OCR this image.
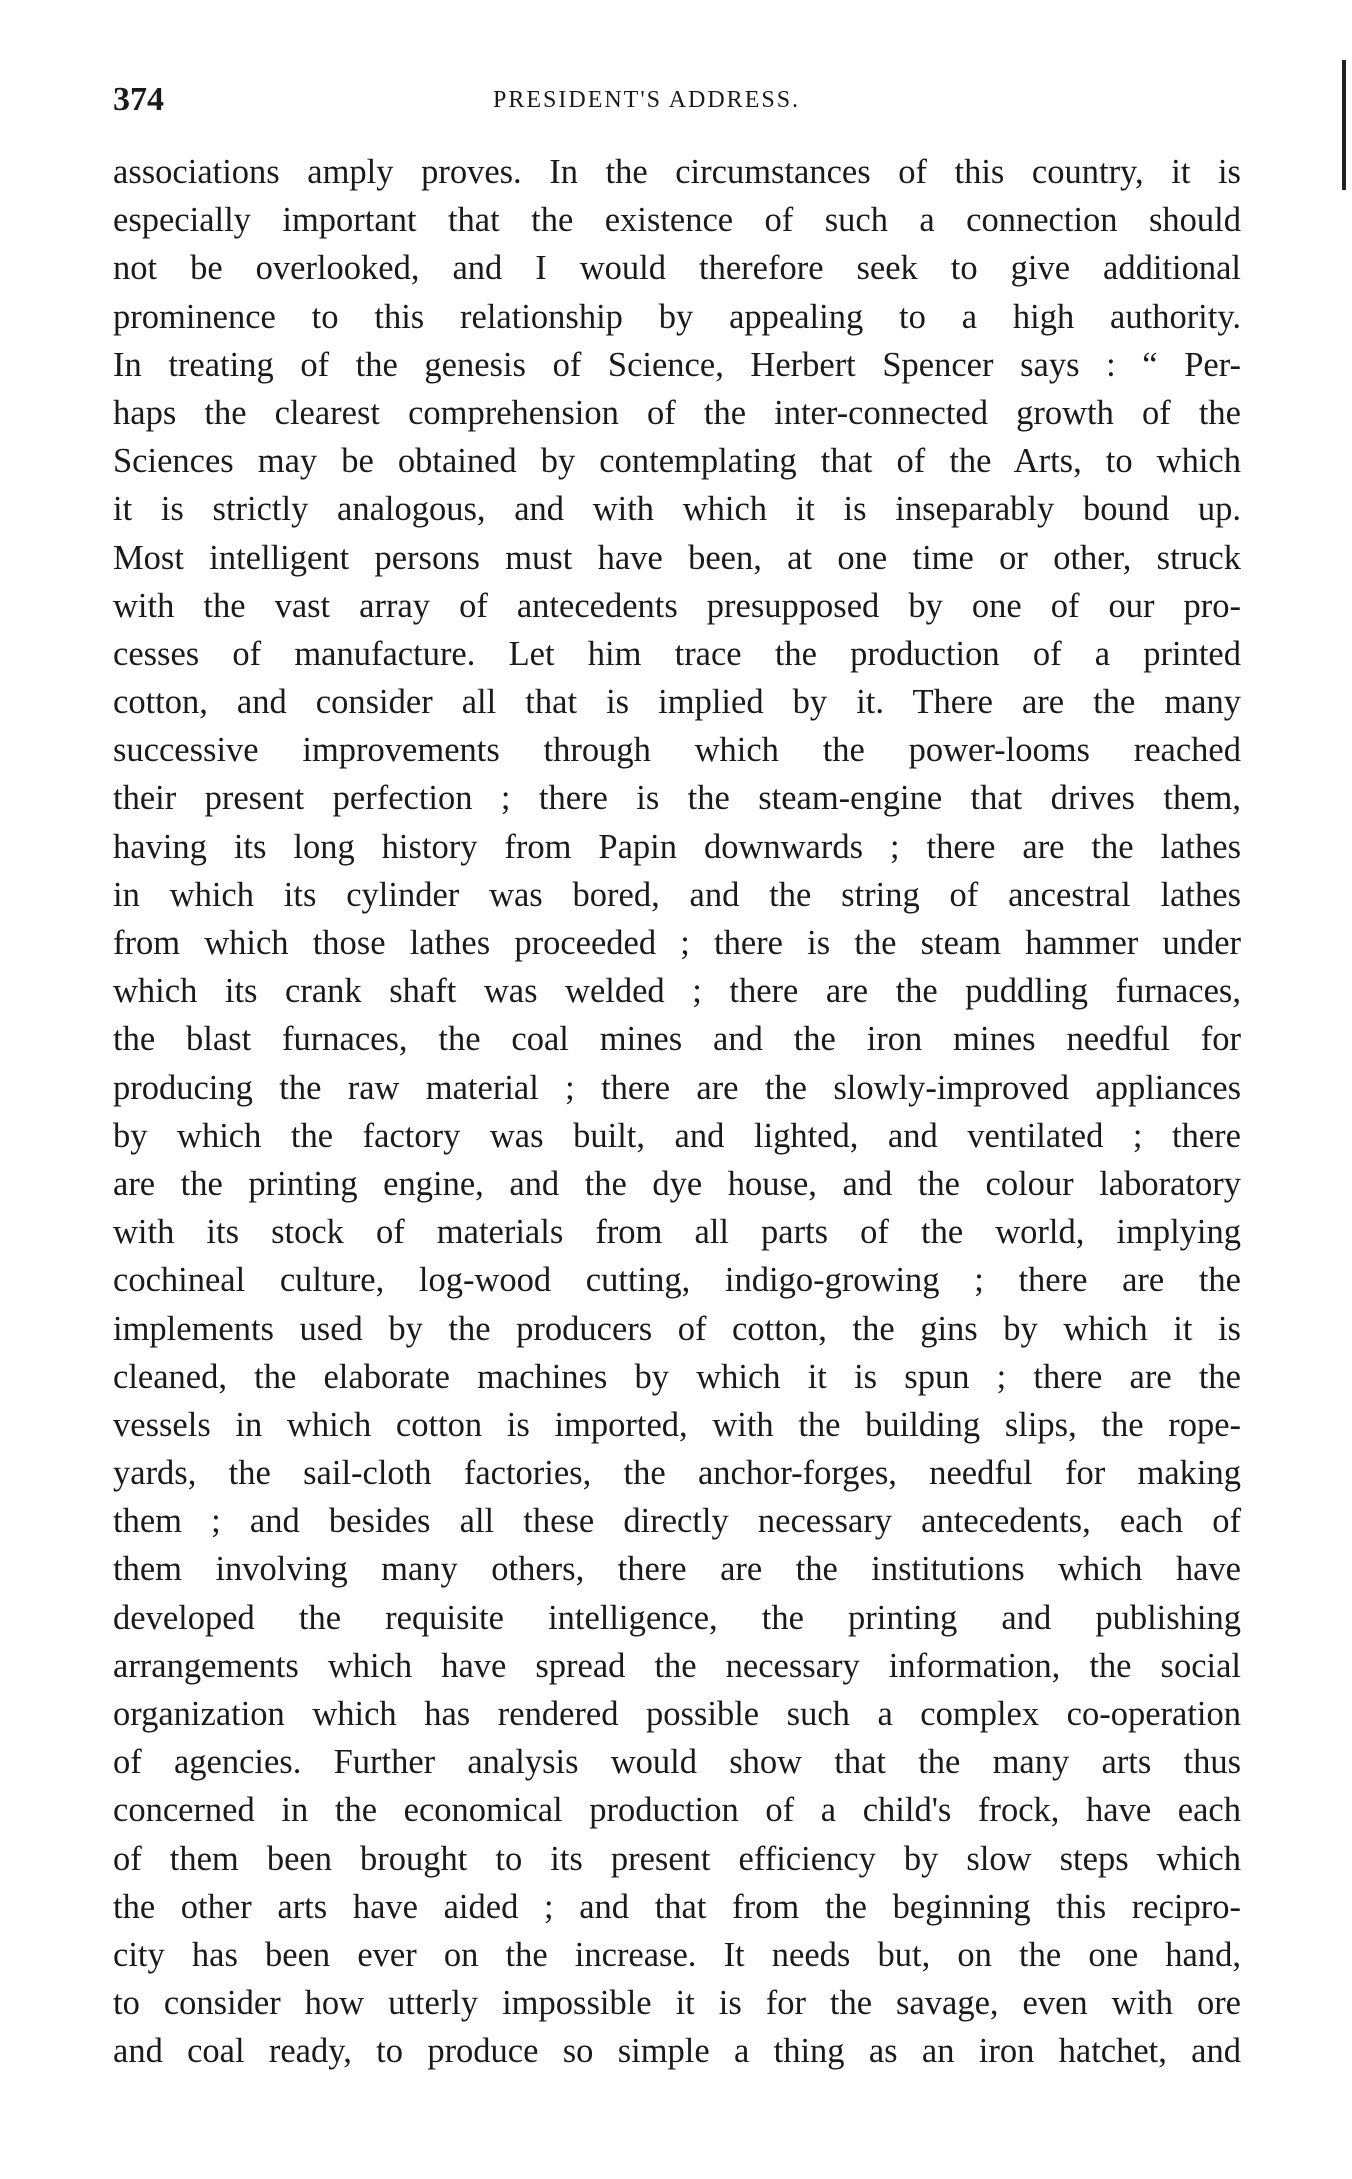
374	PRESIDENT'S ADDRESS.
associations amply proves. In the circumstances of this country, it is
especially important that the existence of such a connection should
not be overlooked, and I would therefore seek to give additional
prominence to this relationship by appealing to a high authority.
In treating of the genesis of Science, Herbert Spencer says : “ Per-
haps the clearest comprehension of the inter-connected growth of the
Sciences may be obtained by contemplating that of the Arts, to which
it is strictly analogous, and with which it is inseparably bound up.
Most intelligent persons must have been, at one time or other, struck
with the vast array of antecedents presupposed by one of our pro-
cesses of manufacture. Let him trace the production of a printed
cotton, and consider all that is implied by it. There are the many
successive improvements through which the power-looms reached
their present perfection ; there is the steam-engine that drives them,
having its long history from Papin downwards ; there are the lathes
in which its cylinder was bored, and the string of ancestral lathes
from which those lathes proceeded ; there is the steam hammer under
which its crank shaft was welded ; there are the puddling furnaces,
the blast furnaces, the coal mines and the iron mines needful for
producing the raw material ; there are the slowly-improved appliances
by which the factory was built, and lighted, and ventilated ; there
are the printing engine, and the dye house, and the colour laboratory
with its stock of materials from all parts of the world, implying
cochineal culture, log-wood cutting, indigo-growing ; there are the
implements used by the producers of cotton, the gins by which it is
cleaned, the elaborate machines by which it is spun ; there are the
vessels in which cotton is imported, with the building slips, the rope-
yards, the sail-cloth factories, the anchor-forges, needful for making
them ; and besides all these directly necessary antecedents, each of
them involving many others, there are the institutions which have
developed the requisite intelligence, the printing and publishing
arrangements which have spread the necessary information, the social
organization which has rendered possible such a complex co-operation
of agencies. Further analysis would show that the many arts thus
concerned in the economical production of a child's frock, have each
of them been brought to its present efficiency by slow steps which
the other arts have aided ; and that from the beginning this recipro-
city has been ever on the increase. It needs but, on the one hand,
to consider how utterly impossible it is for the savage, even with ore
and coal ready, to produce so simple a thing as an iron hatchet, and
